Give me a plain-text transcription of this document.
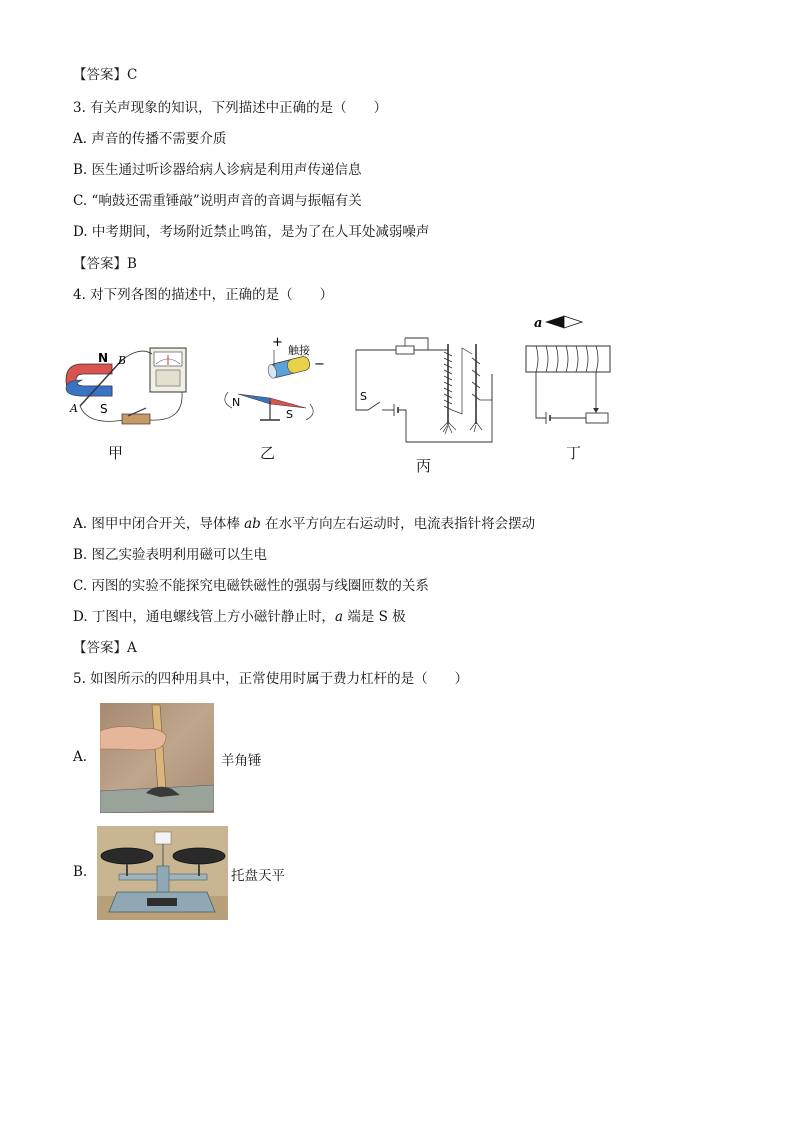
【答案】C
3. 有关声现象的知识，下列描述中正确的是（　　）
A. 声音的传播不需要介质
B. 医生通过听诊器给病人诊病是利用声传递信息
C. “响鼓还需重锤敲”说明声音的音调与振幅有关
D. 中考期间，考场附近禁止鸣笛，是为了在人耳处减弱噪声
【答案】B
4. 对下列各图的描述中，正确的是（　　）
N
S
A
B
甲
+
触接
−
N
S
乙
S
丙
a
丁
A. 图甲中闭合开关，导体棒 ab 在水平方向左右运动时，电流表指针将会摆动
B. 图乙实验表明利用磁可以生电
C. 丙图的实验不能探究电磁铁磁性的强弱与线圈匝数的关系
D. 丁图中，通电螺线管上方小磁针静止时，a 端是 S 极
【答案】A
5. 如图所示的四种用具中，正常使用时属于费力杠杆的是（　　）
A.	羊角锤
B.	托盘天平
